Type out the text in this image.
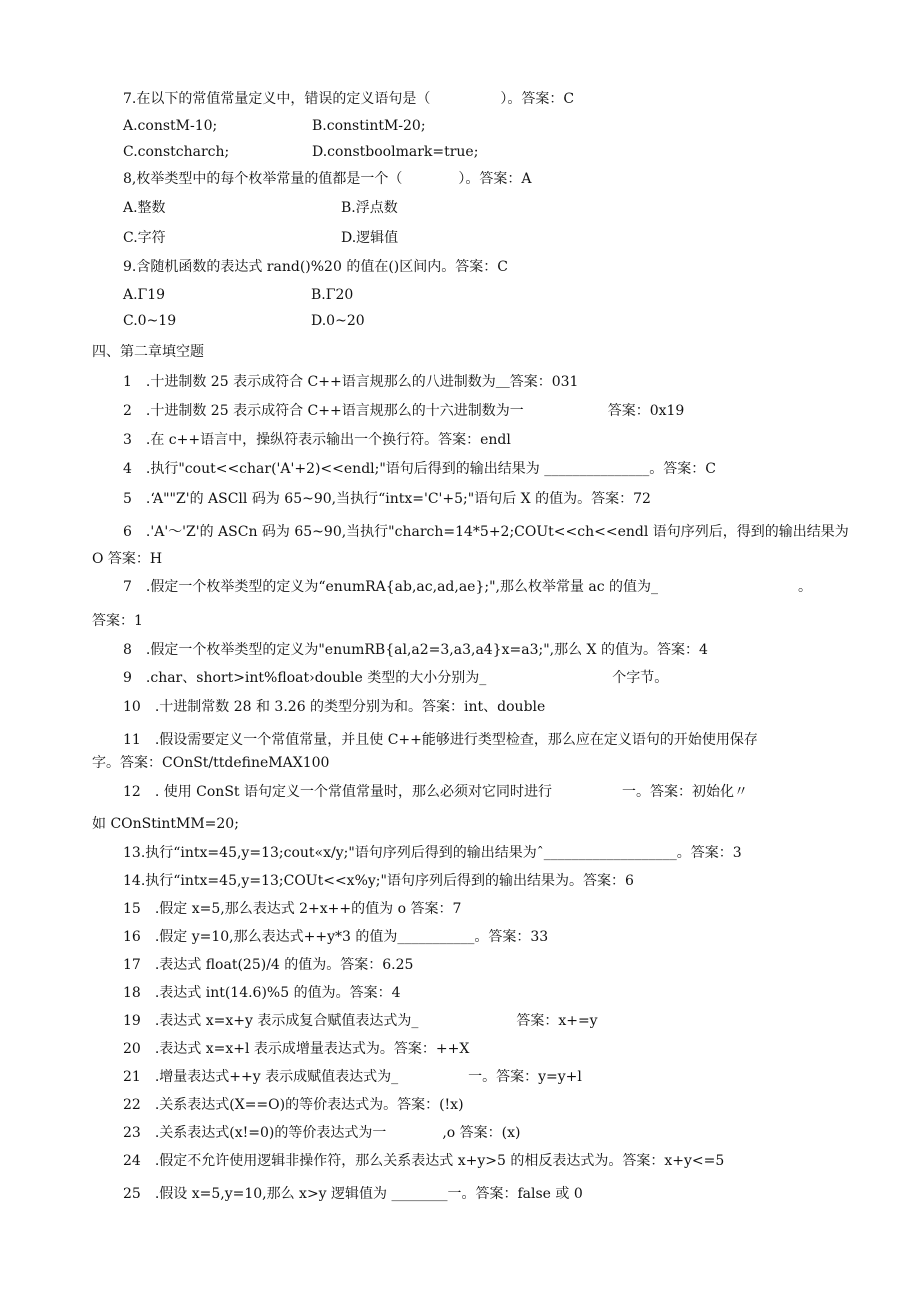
7.在以下的常值常量定义中，错误的定义语句是（　　　　　）。答案：C
A.constM-10;	B.constintM-20;
C.constcharch;	D.constboolmark=true;
8,枚举类型中的每个枚举常量的值都是一个（　　　　）。答案：A
A.整数	B.浮点数
C.字符	D.逻辑值
9.含随机函数的表达式 rand()%20 的值在()区间内。答案：C
A.Γ19	B.Γ20
C.0~19	D.0~20
四、第二章填空题
1　.十进制数 25 表示成符合 C++语言规那么的八进制数为＿答案：031
2　.十进制数 25 表示成符合 C++语言规那么的十六进制数为一　　　　　　答案：0x19
3　.在 c++语言中，操纵符表示输出一个换行符。答案：endl
4　.执行"cout<<char('A'+2)<<endl;"语句后得到的输出结果为 _______________。答案：C
5　.‘A""Z'的 ASCll 码为 65~90,当执行“intx='C'+5;"语句后 X 的值为。答案：72
6　.'A'～'Z'的 ASCn 码为 65~90,当执行"charch=14*5+2;COUt<<ch<<endl 语句序列后，得到的输出结果为
O 答案：H
7　.假定一个枚举类型的定义为“enumRA{ab,ac,ad,ae};",那么枚举常量 ac 的值为_　　　　　　　　　　。
答案：1
8　.假定一个枚举类型的定义为"enumRB{al,a2=3,a3,a4}x=a3;",那么 X 的值为。答案：4
9　.char、short>int%float›double 类型的大小分别为_　　　　　　　　　个字节。
10　.十进制常数 28 和 3.26 的类型分别为和。答案：int、double
11　.假设需要定义一个常值常量，并且使 C++能够进行类型检查，那么应在定义语句的开始使用保存
字。答案：COnSt/ttdefineMAX100
12　. 使用 ConSt 语句定义一个常值常量时，那么必须对它同时进行　　　　　一。答案：初始化〃
如 COnStintMM=20;
13.执行“intx=45,y=13;cout«x/y;"语句序列后得到的输出结果为ˆ___________________。答案：3
14.执行“intx=45,y=13;COUt<<x%y;"语句序列后得到的输出结果为。答案：6
15　.假定 x=5,那么表达式 2+x++的值为 o 答案：7
16　.假定 y=10,那么表达式++y*3 的值为___________。答案：33
17　.表达式 float(25)/4 的值为。答案：6.25
18　.表达式 int(14.6)%5 的值为。答案：4
19　.表达式 x=x+y 表示成复合赋值表达式为_　　　　　　　答案：x+=y
20　.表达式 x=x+l 表示成增量表达式为。答案：++X
21　.增量表达式++y 表示成赋值表达式为_　　　　　一。答案：y=y+l
22　.关系表达式(X==O)的等价表达式为。答案：(!x)
23　.关系表达式(x!=0)的等价表达式为一　　　　,o 答案：(x)
24　.假定不允许使用逻辑非操作符，那么关系表达式 x+y>5 的相反表达式为。答案：x+y<=5
25　.假设 x=5,y=10,那么 x>y 逻辑值为 ________一。答案：false 或 0
